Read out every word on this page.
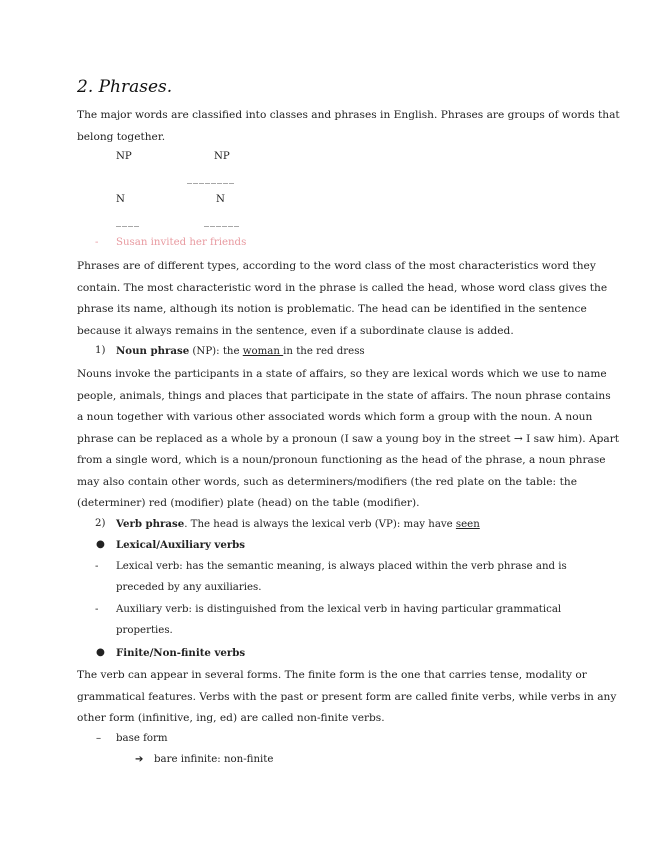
2. Phrases.
The major words are classified into classes and phrases in English. Phrases are groups of words that
belong together.
NP	NP
________
N	N
____	______
- Susan invited her friends
Phrases are of different types, according to the word class of the most characteristics word they
contain. The most characteristic word in the phrase is called the head, whose word class gives the
phrase its name, although its notion is problematic. The head can be identified in the sentence
because it always remains in the sentence, even if a subordinate clause is added.
1) Noun phrase (NP): the woman in the red dress
Nouns invoke the participants in a state of affairs, so they are lexical words which we use to name
people, animals, things and places that participate in the state of affairs. The noun phrase contains
a noun together with various other associated words which form a group with the noun. A noun
phrase can be replaced as a whole by a pronoun (I saw a young boy in the street → I saw him). Apart
from a single word, which is a noun/pronoun functioning as the head of the phrase, a noun phrase
may also contain other words, such as determiners/modifiers (the red plate on the table: the
(determiner) red (modifier) plate (head) on the table (modifier).
2) Verb phrase. The head is always the lexical verb (VP): may have seen
● Lexical/Auxiliary verbs
- Lexical verb: has the semantic meaning, is always placed within the verb phrase and is
preceded by any auxiliaries.
- Auxiliary verb: is distinguished from the lexical verb in having particular grammatical
properties.
● Finite/Non-finite verbs
The verb can appear in several forms. The finite form is the one that carries tense, modality or
grammatical features. Verbs with the past or present form are called finite verbs, while verbs in any
other form (infinitive, ing, ed) are called non-finite verbs.
– base form
➔ bare infinite: non-finite
